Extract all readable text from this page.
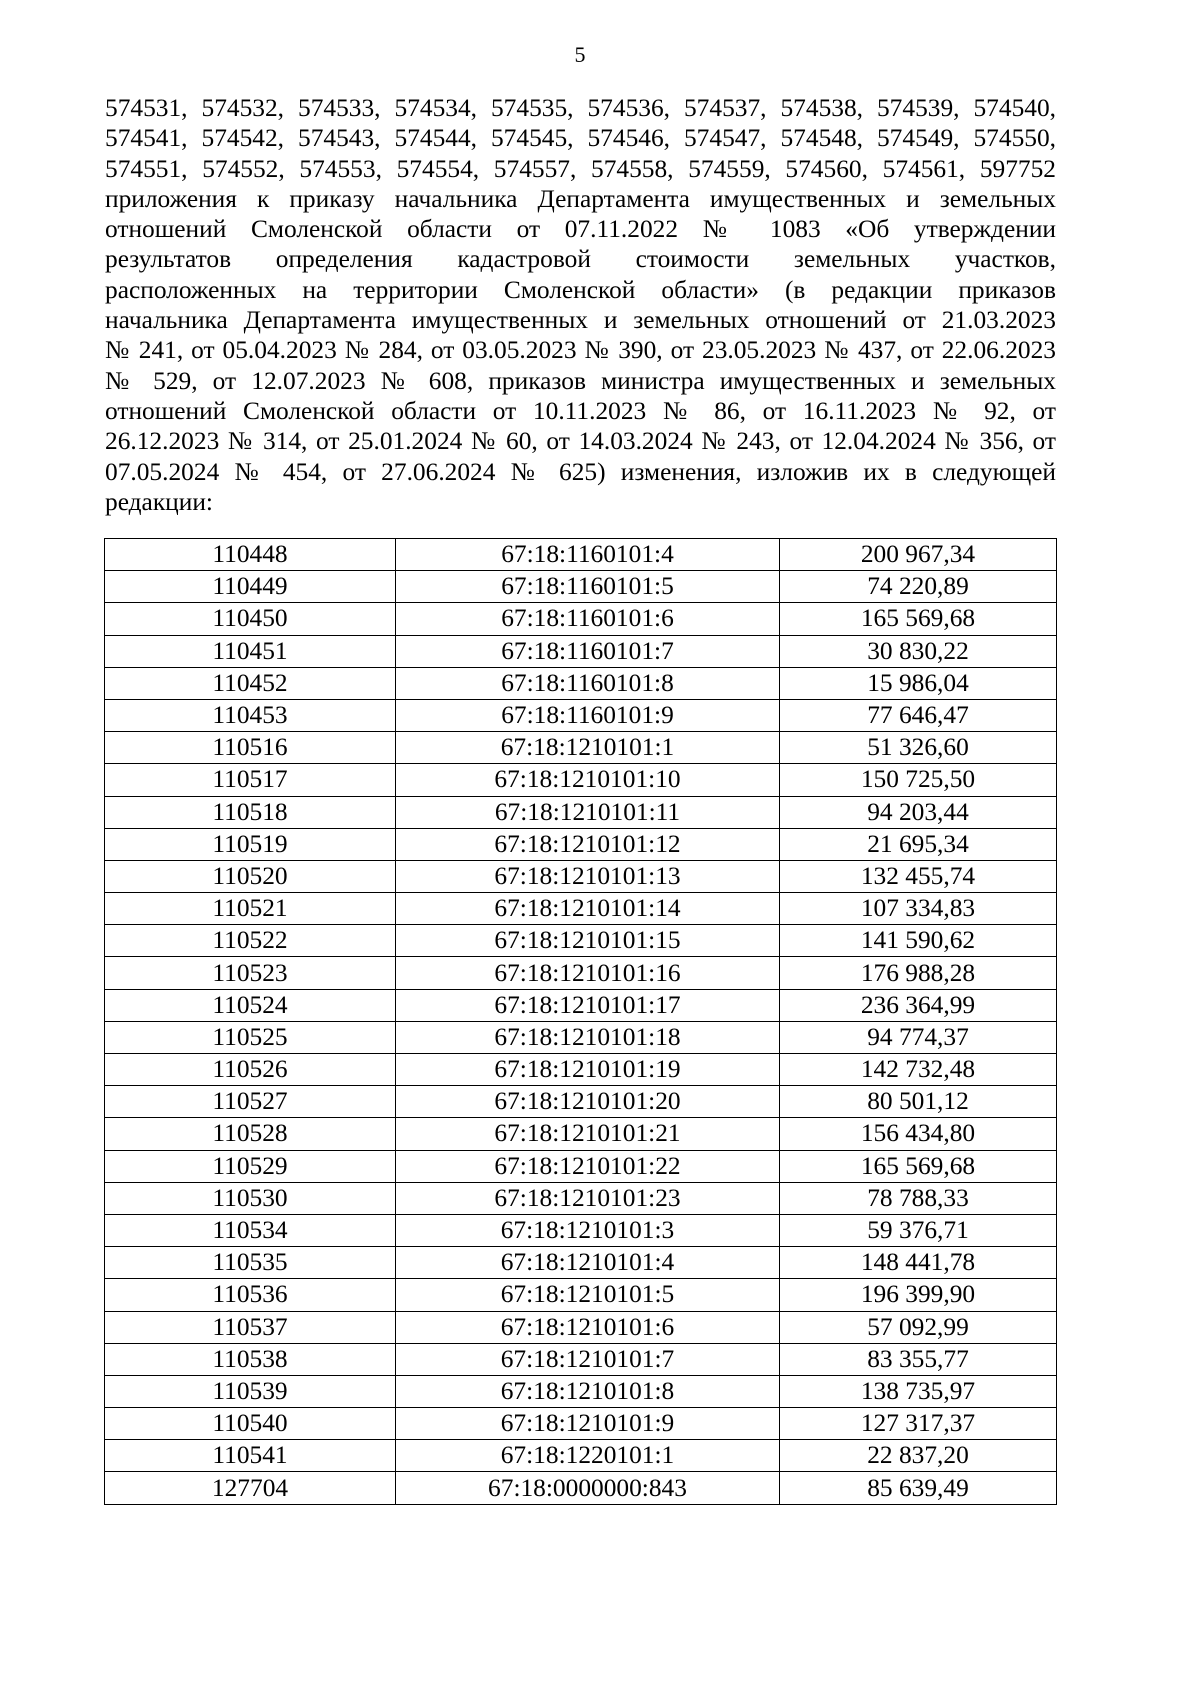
5
574531, 574532, 574533, 574534, 574535, 574536, 574537, 574538, 574539, 574540,
574541, 574542, 574543, 574544, 574545, 574546, 574547, 574548, 574549, 574550,
574551, 574552, 574553, 574554, 574557, 574558, 574559, 574560, 574561, 597752
приложения к приказу начальника Департамента имущественных и земельных
отношений Смоленской области от 07.11.2022 № 1083 «Об утверждении
результатов определения кадастровой стоимости земельных участков,
расположенных на территории Смоленской области» (в редакции приказов
начальника Департамента имущественных и земельных отношений от 21.03.2023
№ 241, от 05.04.2023 № 284, от 03.05.2023 № 390, от 23.05.2023 № 437, от 22.06.2023
№ 529, от 12.07.2023 № 608, приказов министра имущественных и земельных
отношений Смоленской области от 10.11.2023 № 86, от 16.11.2023 № 92, от
26.12.2023 № 314, от 25.01.2024 № 60, от 14.03.2024 № 243, от 12.04.2024 № 356, от
07.05.2024 № 454, от 27.06.2024 № 625) изменения, изложив их в следующей
редакции:
110448	67:18:1160101:4	200 967,34
110449	67:18:1160101:5	74 220,89
110450	67:18:1160101:6	165 569,68
110451	67:18:1160101:7	30 830,22
110452	67:18:1160101:8	15 986,04
110453	67:18:1160101:9	77 646,47
110516	67:18:1210101:1	51 326,60
110517	67:18:1210101:10	150 725,50
110518	67:18:1210101:11	94 203,44
110519	67:18:1210101:12	21 695,34
110520	67:18:1210101:13	132 455,74
110521	67:18:1210101:14	107 334,83
110522	67:18:1210101:15	141 590,62
110523	67:18:1210101:16	176 988,28
110524	67:18:1210101:17	236 364,99
110525	67:18:1210101:18	94 774,37
110526	67:18:1210101:19	142 732,48
110527	67:18:1210101:20	80 501,12
110528	67:18:1210101:21	156 434,80
110529	67:18:1210101:22	165 569,68
110530	67:18:1210101:23	78 788,33
110534	67:18:1210101:3	59 376,71
110535	67:18:1210101:4	148 441,78
110536	67:18:1210101:5	196 399,90
110537	67:18:1210101:6	57 092,99
110538	67:18:1210101:7	83 355,77
110539	67:18:1210101:8	138 735,97
110540	67:18:1210101:9	127 317,37
110541	67:18:1220101:1	22 837,20
127704	67:18:0000000:843	85 639,49
